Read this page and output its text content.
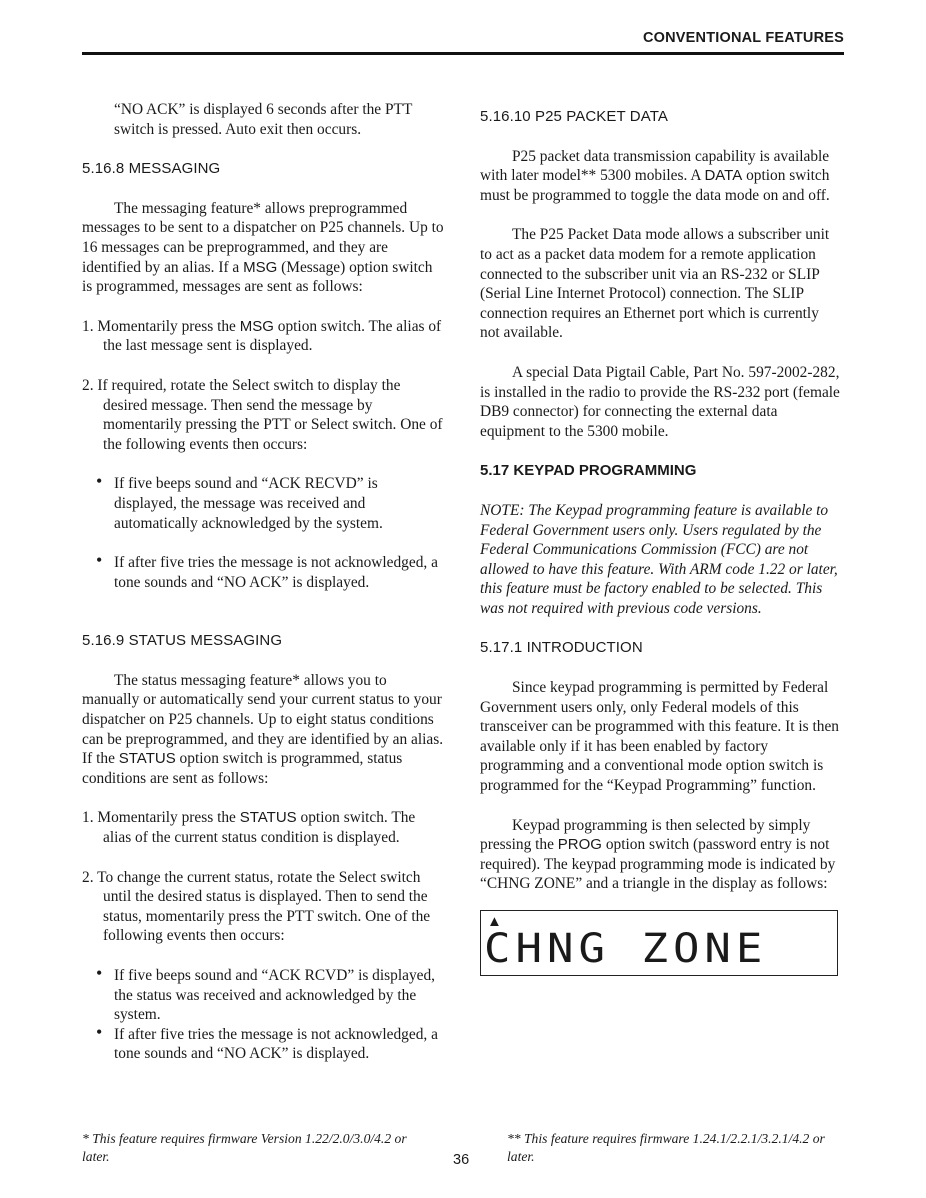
CONVENTIONAL FEATURES

“NO ACK” is displayed 6 seconds after the PTT switch is pressed. Auto exit then occurs.

5.16.8 MESSAGING

The messaging feature* allows preprogrammed messages to be sent to a dispatcher on P25 channels. Up to 16 messages can be preprogrammed, and they are identified by an alias. If a MSG (Message) option switch is programmed, messages are sent as follows:

1. Momentarily press the MSG option switch. The alias of the last message sent is displayed.

2. If required, rotate the Select switch to display the desired message. Then send the message by momentarily pressing the PTT or Select switch. One of the following events then occurs:

• If five beeps sound and “ACK RECVD” is displayed, the message was received and automatically acknowledged by the system.

• If after five tries the message is not acknowledged, a tone sounds and “NO ACK” is displayed.

5.16.9 STATUS MESSAGING

The status messaging feature* allows you to manually or automatically send your current status to your dispatcher on P25 channels. Up to eight status conditions can be preprogrammed, and they are identified by an alias. If the STATUS option switch is programmed, status conditions are sent as follows:

1. Momentarily press the STATUS option switch. The alias of the current status condition is displayed.

2. To change the current status, rotate the Select switch until the desired status is displayed. Then to send the status, momentarily press the PTT switch. One of the following events then occurs:

• If five beeps sound and “ACK RCVD” is displayed, the status was received and acknowledged by the system.

• If after five tries the message is not acknowledged, a tone sounds and “NO ACK” is displayed.

5.16.10 P25 PACKET DATA

P25 packet data transmission capability is available with later model** 5300 mobiles. A DATA option switch must be programmed to toggle the data mode on and off.

The P25 Packet Data mode allows a subscriber unit to act as a packet data modem for a remote application connected to the subscriber unit via an RS-232 or SLIP (Serial Line Internet Protocol) connection. The SLIP connection requires an Ethernet port which is currently not available.

A special Data Pigtail Cable, Part No. 597-2002-282, is installed in the radio to provide the RS-232 port (female DB9 connector) for connecting the external data equipment to the 5300 mobile.

5.17 KEYPAD PROGRAMMING

NOTE: The Keypad programming feature is available to Federal Government users only. Users regulated by the Federal Communications Commission (FCC) are not allowed to have this feature. With ARM code 1.22 or later, this feature must be factory enabled to be selected. This was not required with previous code versions.

5.17.1 INTRODUCTION

Since keypad programming is permitted by Federal Government users only, only Federal models of this transceiver can be programmed with this feature. It is then available only if it has been enabled by factory programming and a conventional mode option switch is programmed for the “Keypad Programming” function.

Keypad programming is then selected by simply pressing the PROG option switch (password entry is not required). The keypad programming mode is indicated by “CHNG ZONE” and a triangle in the display as follows:

▲
CHNG ZONE
* This feature requires firmware Version 1.22/2.0/3.0/4.2 or later.	36
** This feature requires firmware 1.24.1/2.2.1/3.2.1/4.2 or later.
